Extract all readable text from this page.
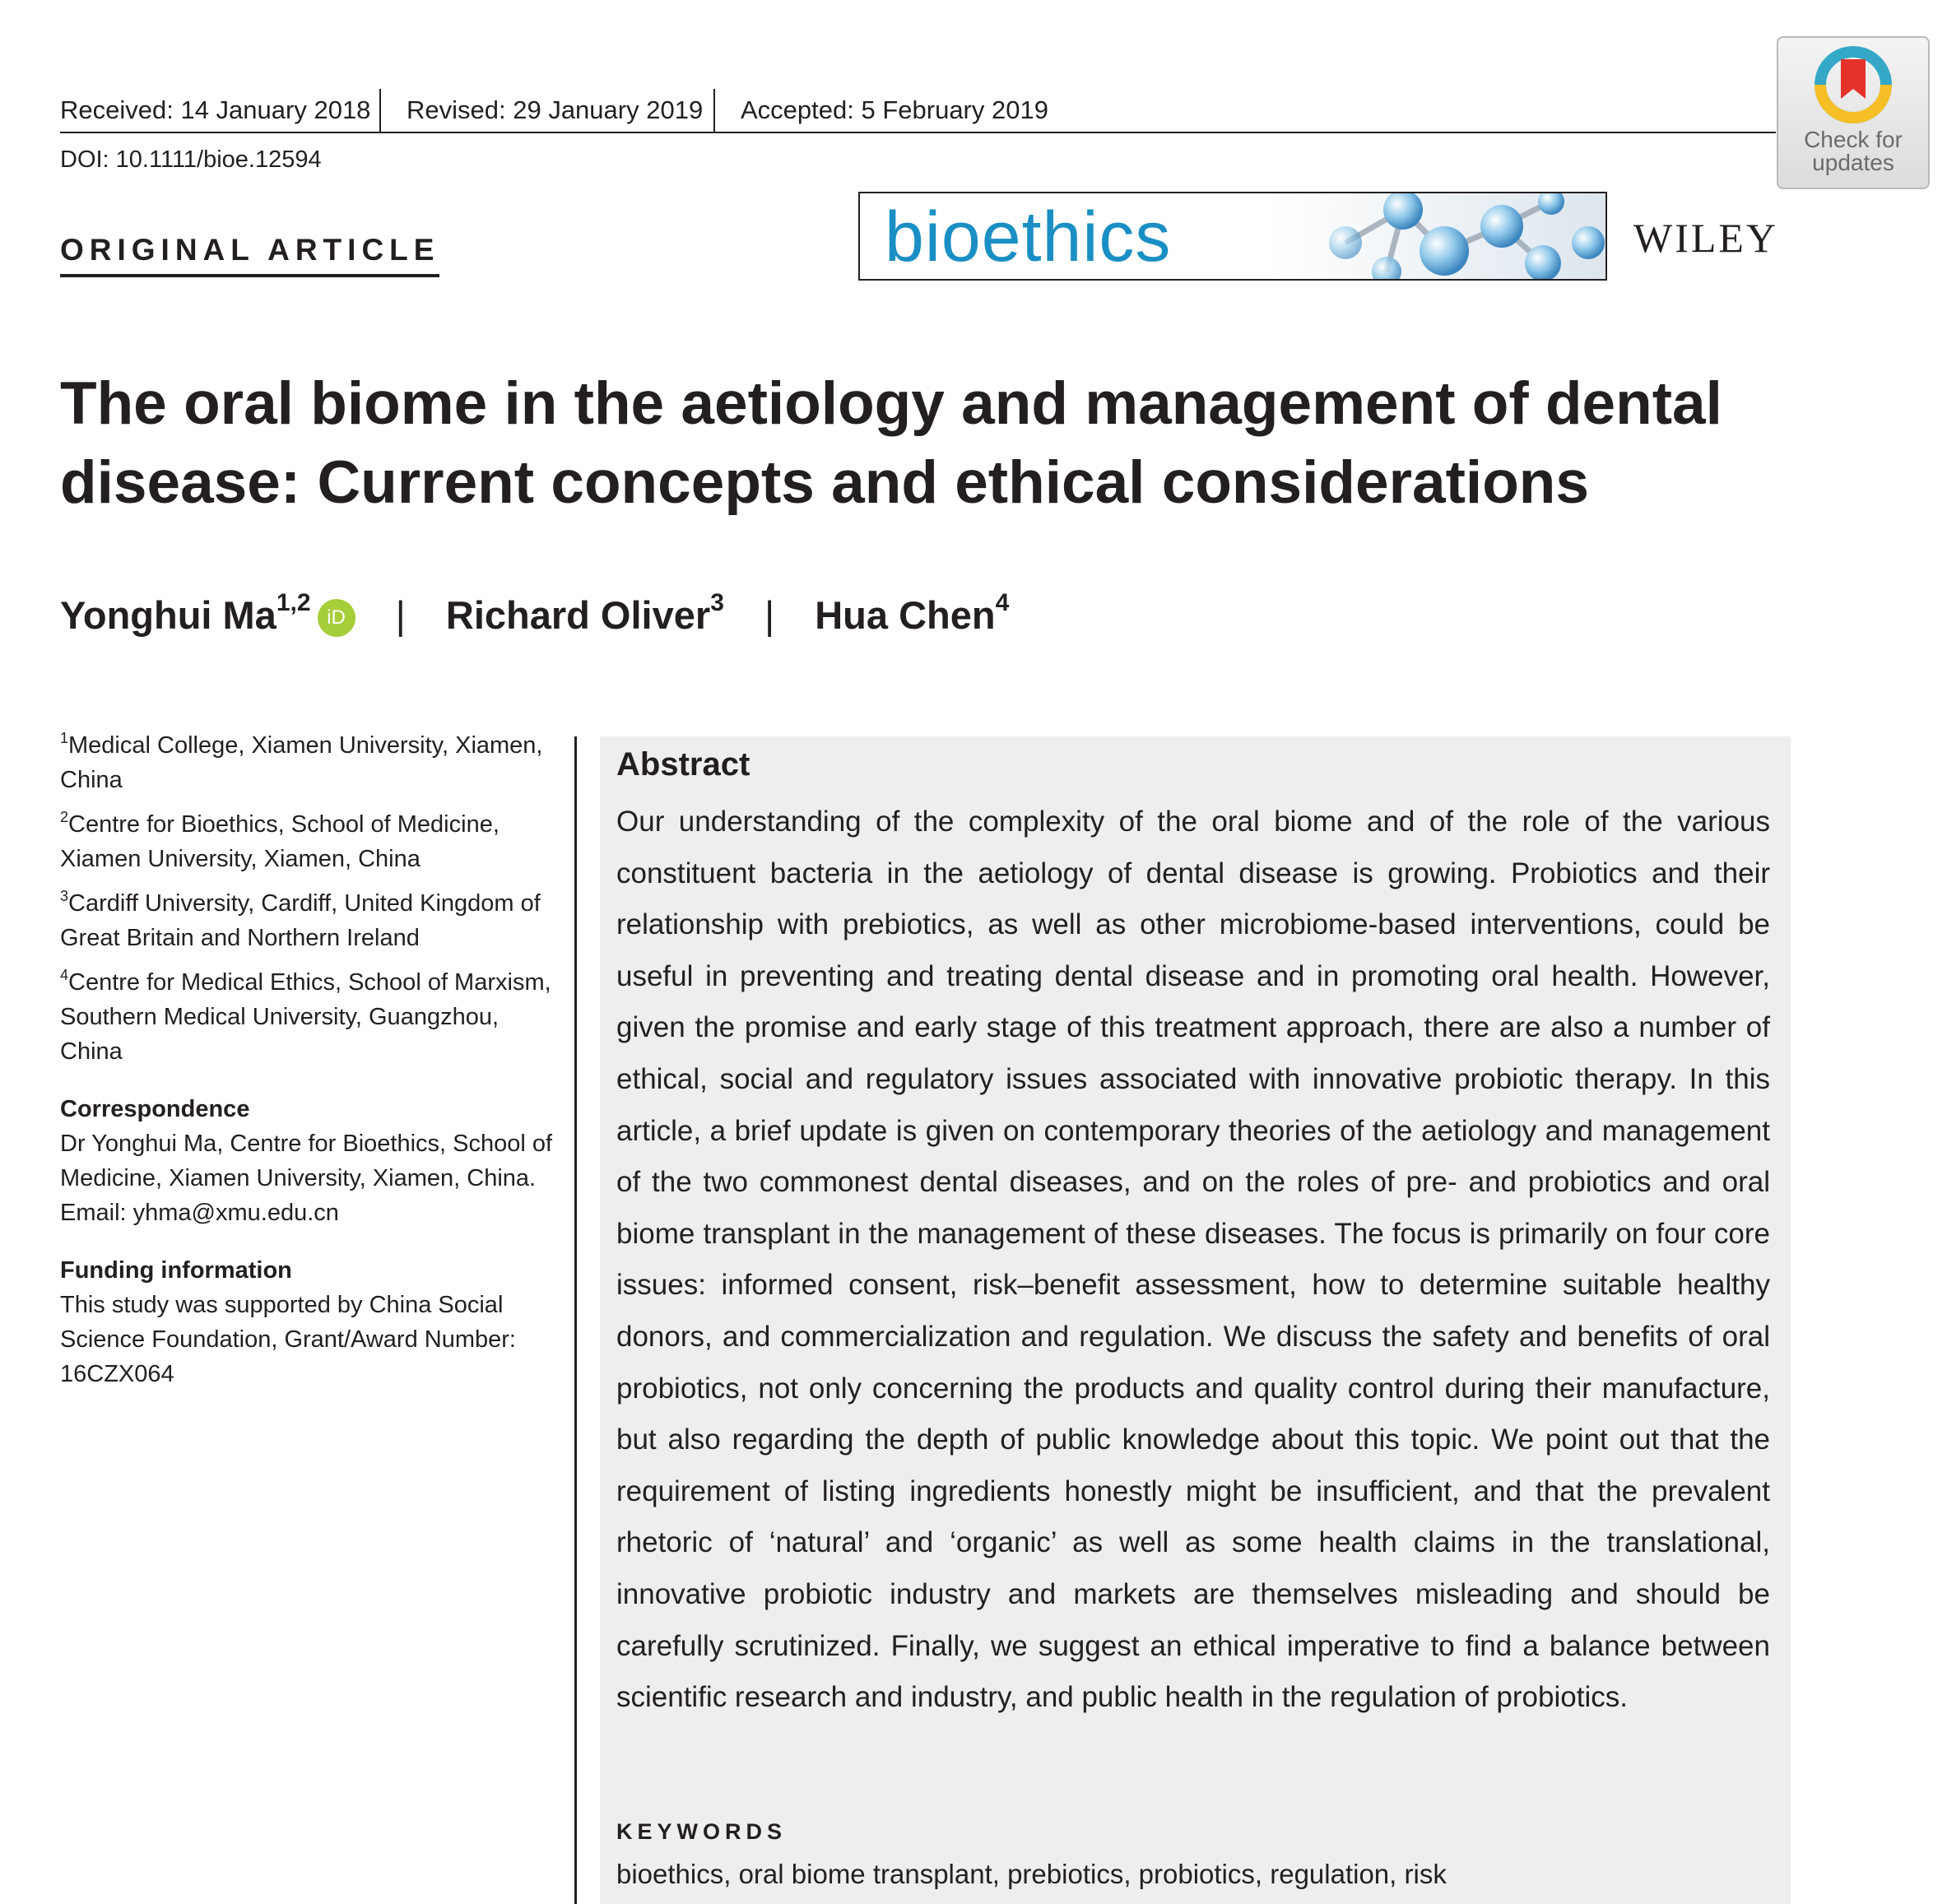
Received: 14 January 2018 Revised: 29 January 2019 Accepted: 5 February 2019
DOI: 10.1111/bioe.12594
Check for
updates
bioethics	WILEY
ORIGINAL ARTICLE
The oral biome in the aetiology and management of dental disease: Current concepts and ethical considerations
Yonghui Ma$^{1,2}$iD | Richard Oliver$^3$ | Hua Chen$^4$
$^1$Medical College, Xiamen University, Xiamen, China
$^2$Centre for Bioethics, School of Medicine, Xiamen University, Xiamen, China
$^3$Cardiff University, Cardiff, United Kingdom of Great Britain and Northern Ireland
$^4$Centre for Medical Ethics, School of Marxism, Southern Medical University, Guangzhou, China
Correspondence
Dr Yonghui Ma, Centre for Bioethics, School of Medicine, Xiamen University, Xiamen, China.
Email: yhma@xmu.edu.cn
Funding information
This study was supported by China Social Science Foundation, Grant/Award Number: 16CZX064
Abstract
Our understanding of the complexity of the oral biome and of the role of the various constituent bacteria in the aetiology of dental disease is growing. Probiotics and their relationship with prebiotics, as well as other microbiome-based interventions, could be useful in preventing and treating dental disease and in promoting oral health. However, given the promise and early stage of this treatment approach, there are also a number of ethical, social and regulatory issues associated with innovative probiotic therapy. In this article, a brief update is given on contemporary theories of the aetiology and management of the two commonest dental diseases, and on the roles of pre- and probiotics and oral biome transplant in the management of these diseases. The focus is primarily on four core issues: informed consent, risk–benefit assessment, how to determine suitable healthy donors, and commercialization and regulation. We discuss the safety and benefits of oral probiotics, not only concerning the products and quality control during their manufacture, but also regarding the depth of public knowledge about this topic. We point out that the requirement of listing ingredients honestly might be insufficient, and that the prevalent rhetoric of ‘natural’ and ‘organic’ as well as some health claims in the translational, innovative probiotic industry and markets are themselves misleading and should be carefully scrutinized. Finally, we suggest an ethical imperative to find a balance between scientific research and industry, and public health in the regulation of probiotics.
KEYWORDS
bioethics, oral biome transplant, prebiotics, probiotics, regulation, risk
